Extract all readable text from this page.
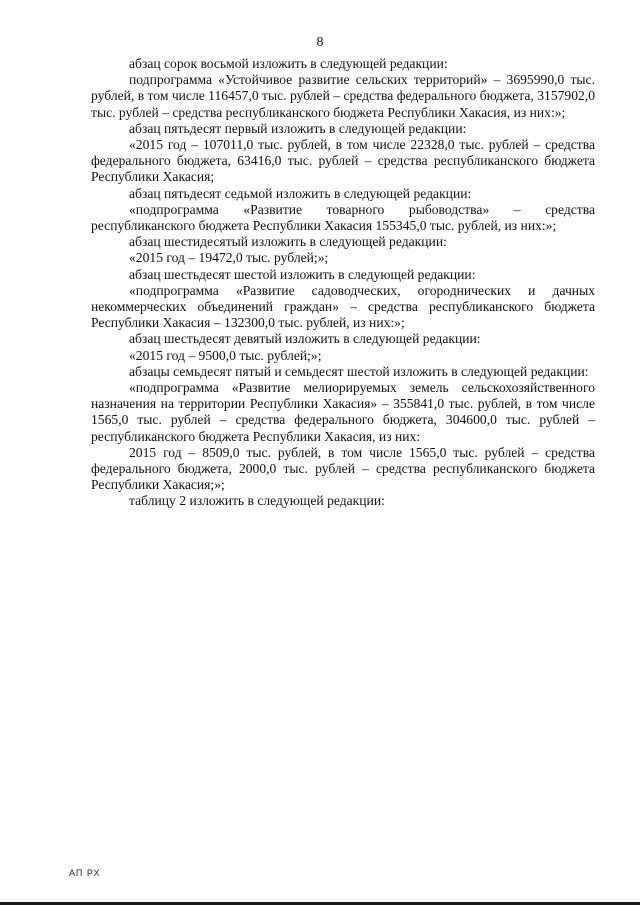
8

абзац сорок восьмой изложить в следующей редакции:

подпрограмма «Устойчивое развитие сельских территорий» – 3695990,0 тыс. рублей, в том числе 116457,0 тыс. рублей – средства федерального бюджета, 3157902,0 тыс. рублей – средства республиканского бюджета Республики Хакасия, из них:»;

абзац пятьдесят первый изложить в следующей редакции:

«2015 год – 107011,0 тыс. рублей, в том числе 22328,0 тыс. рублей – средства федерального бюджета, 63416,0 тыс. рублей – средства республиканского бюджета Республики Хакасия;

абзац пятьдесят седьмой изложить в следующей редакции:

«подпрограмма «Развитие товарного рыбоводства» – средства республиканского бюджета Республики Хакасия 155345,0 тыс. рублей, из них:»;

абзац шестидесятый изложить в следующей редакции:

«2015 год – 19472,0 тыс. рублей;»;

абзац шестьдесят шестой изложить в следующей редакции:

«подпрограмма «Развитие садоводческих, огороднических и дачных некоммерческих объединений граждан» – средства республиканского бюджета Республики Хакасия – 132300,0 тыс. рублей, из них:»;

абзац шестьдесят девятый изложить в следующей редакции:

«2015 год – 9500,0 тыс. рублей;»;

абзацы семьдесят пятый и семьдесят шестой изложить в следующей редакции:

«подпрограмма «Развитие мелиорируемых земель сельскохозяйственного назначения на территории Республики Хакасия» – 355841,0 тыс. рублей, в том числе 1565,0 тыс. рублей – средства федерального бюджета, 304600,0 тыс. рублей – республиканского бюджета Республики Хакасия, из них:

2015 год – 8509,0 тыс. рублей, в том числе 1565,0 тыс. рублей – средства федерального бюджета, 2000,0 тыс. рублей – средства республиканского бюджета Республики Хакасия;»;

таблицу 2 изложить в следующей редакции:

АП РХ
